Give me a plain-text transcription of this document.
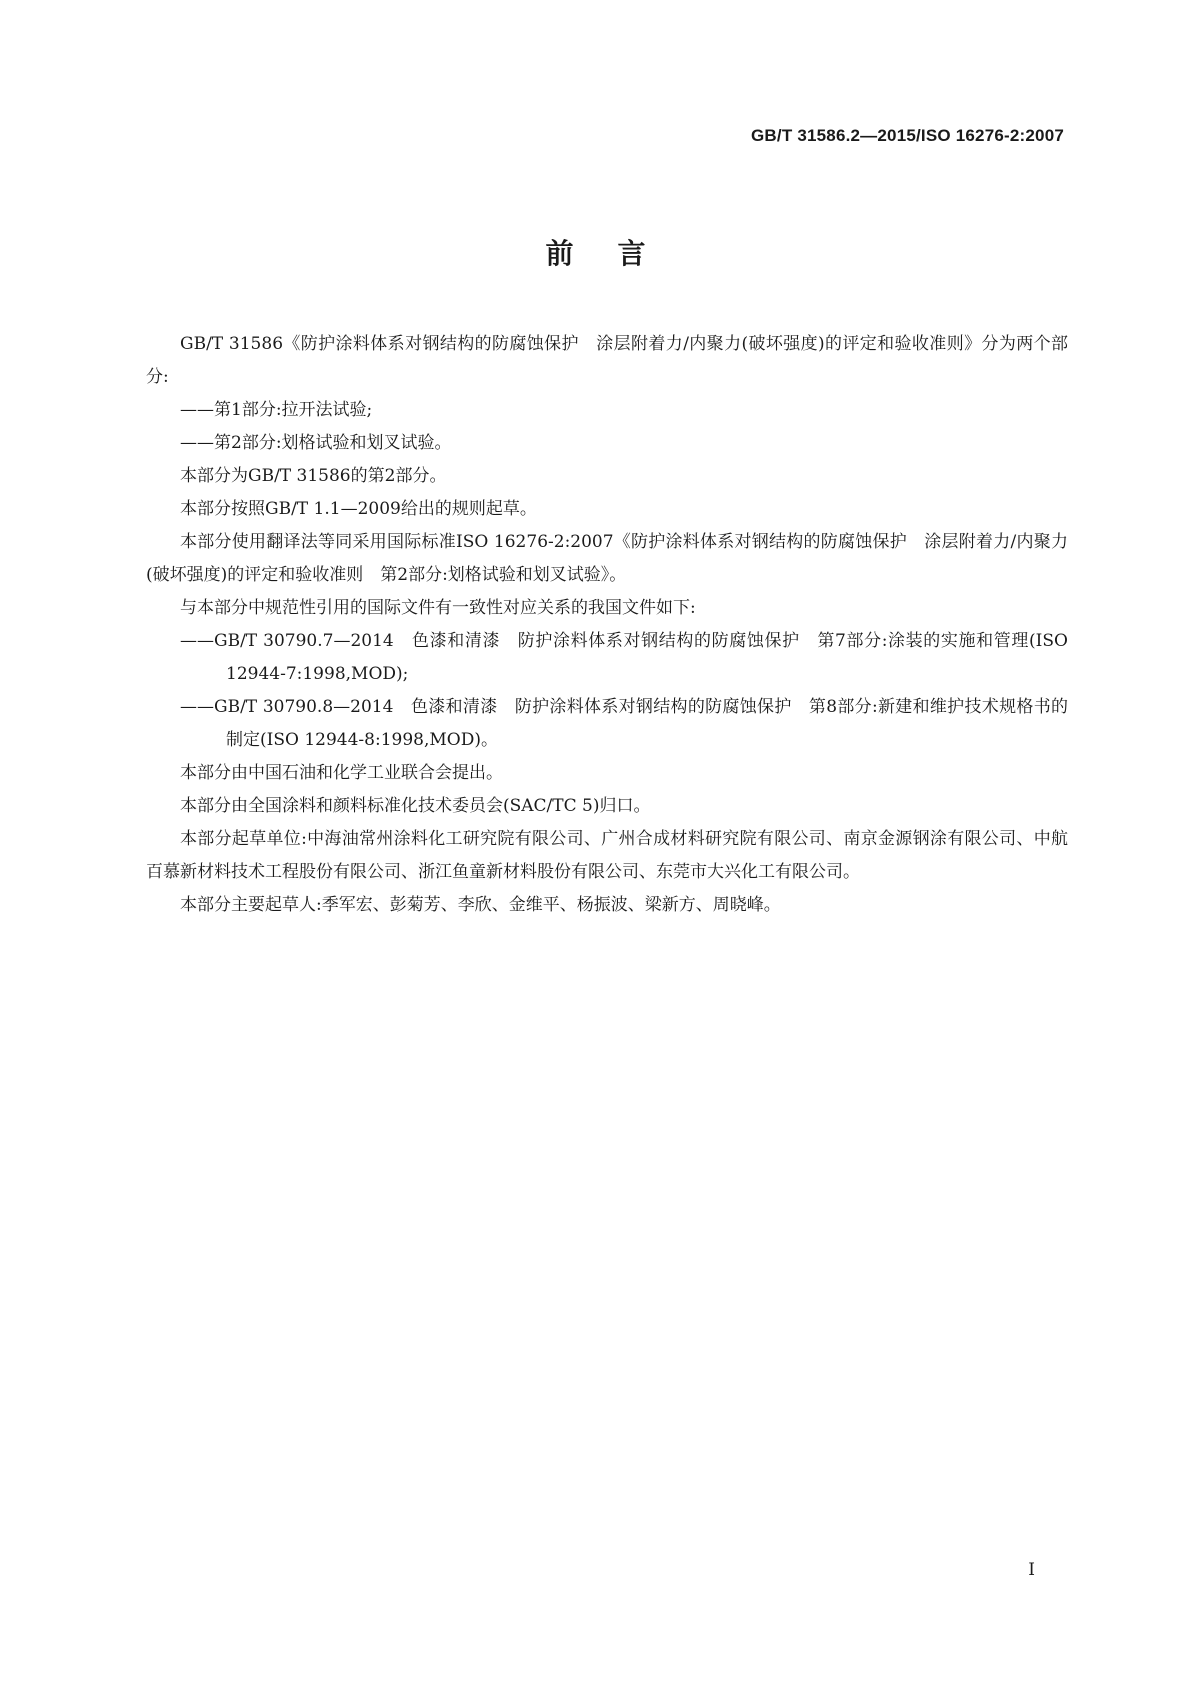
GB/T 31586.2—2015/ISO 16276-2:2007
前言

GB/T 31586《防护涂料体系对钢结构的防腐蚀保护　涂层附着力/内聚力(破坏强度)的评定和验收准则》分为两个部分:

——第1部分:拉开法试验;

——第2部分:划格试验和划叉试验。

本部分为GB/T 31586的第2部分。

本部分按照GB/T 1.1—2009给出的规则起草。

本部分使用翻译法等同采用国际标准ISO 16276-2:2007《防护涂料体系对钢结构的防腐蚀保护　涂层附着力/内聚力(破坏强度)的评定和验收准则　第2部分:划格试验和划叉试验》。

与本部分中规范性引用的国际文件有一致性对应关系的我国文件如下:

——GB/T 30790.7—2014　色漆和清漆　防护涂料体系对钢结构的防腐蚀保护　第7部分:涂装的实施和管理(ISO 12944-7:1998,MOD);

——GB/T 30790.8—2014　色漆和清漆　防护涂料体系对钢结构的防腐蚀保护　第8部分:新建和维护技术规格书的制定(ISO 12944-8:1998,MOD)。

本部分由中国石油和化学工业联合会提出。

本部分由全国涂料和颜料标准化技术委员会(SAC/TC 5)归口。

本部分起草单位:中海油常州涂料化工研究院有限公司、广州合成材料研究院有限公司、南京金源钢涂有限公司、中航百慕新材料技术工程股份有限公司、浙江鱼童新材料股份有限公司、东莞市大兴化工有限公司。

本部分主要起草人:季军宏、彭菊芳、李欣、金维平、杨振波、梁新方、周晓峰。

I
